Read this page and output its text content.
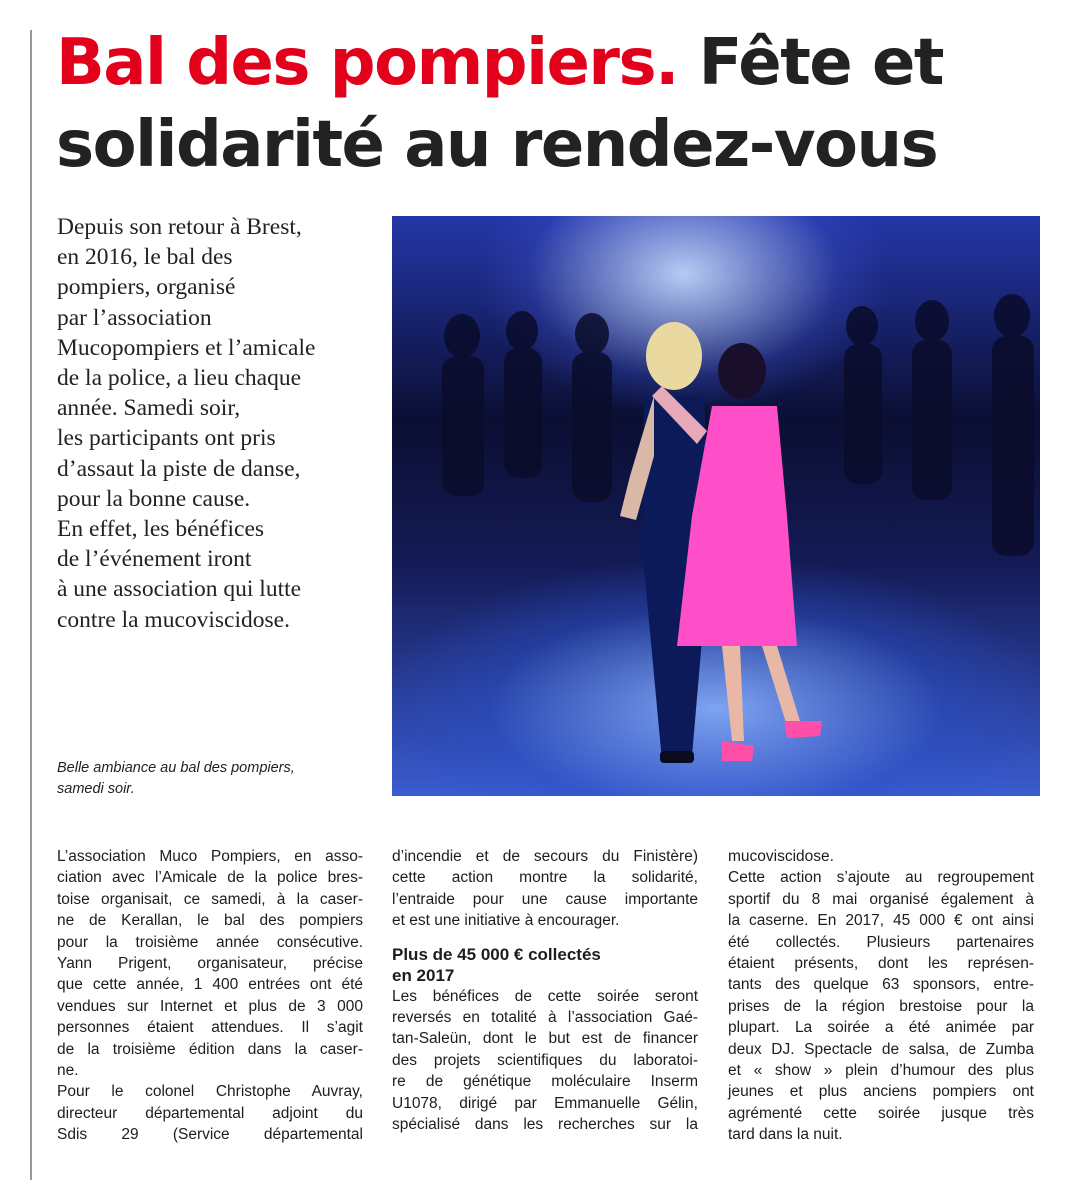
Bal des pompiers. Fête et solidarité au rendez-vous

Depuis son retour à Brest,
en 2016, le bal des
pompiers, organisé
par l’association
Mucopompiers et l’amicale
de la police, a lieu chaque
année. Samedi soir,
les participants ont pris
d’assaut la piste de danse,
pour la bonne cause.
En effet, les bénéfices
de l’événement iront
à une association qui lutte
contre la mucoviscidose.

Belle ambiance au bal des pompiers,
samedi soir.

L’association Muco Pompiers, en asso-
ciation avec l’Amicale de la police bres-
toise organisait, ce samedi, à la caser-
ne de Kerallan, le bal des pompiers
pour la troisième année consécutive.
Yann Prigent, organisateur, précise
que cette année, 1 400 entrées ont été
vendues sur Internet et plus de 3 000
personnes étaient attendues. Il s’agit
de la troisième édition dans la caser-
ne.
Pour le colonel Christophe Auvray,
directeur départemental adjoint du
Sdis 29 (Service départemental
d’incendie et de secours du Finistère)
cette action montre la solidarité,
l’entraide pour une cause importante
et est une initiative à encourager.
Plus de 45 000 € collectés
en 2017
Les bénéfices de cette soirée seront
reversés en totalité à l’association Gaé-
tan-Saleün, dont le but est de financer
des projets scientifiques du laboratoi-
re de génétique moléculaire Inserm
U1078, dirigé par Emmanuelle Gélin,
spécialisé dans les recherches sur la
mucoviscidose.
Cette action s’ajoute au regroupement
sportif du 8 mai organisé également à
la caserne. En 2017, 45 000 € ont ainsi
été collectés. Plusieurs partenaires
étaient présents, dont les représen-
tants des quelque 63 sponsors, entre-
prises de la région brestoise pour la
plupart. La soirée a été animée par
deux DJ. Spectacle de salsa, de Zumba
et « show » plein d’humour des plus
jeunes et plus anciens pompiers ont
agrémenté cette soirée jusque très
tard dans la nuit.
